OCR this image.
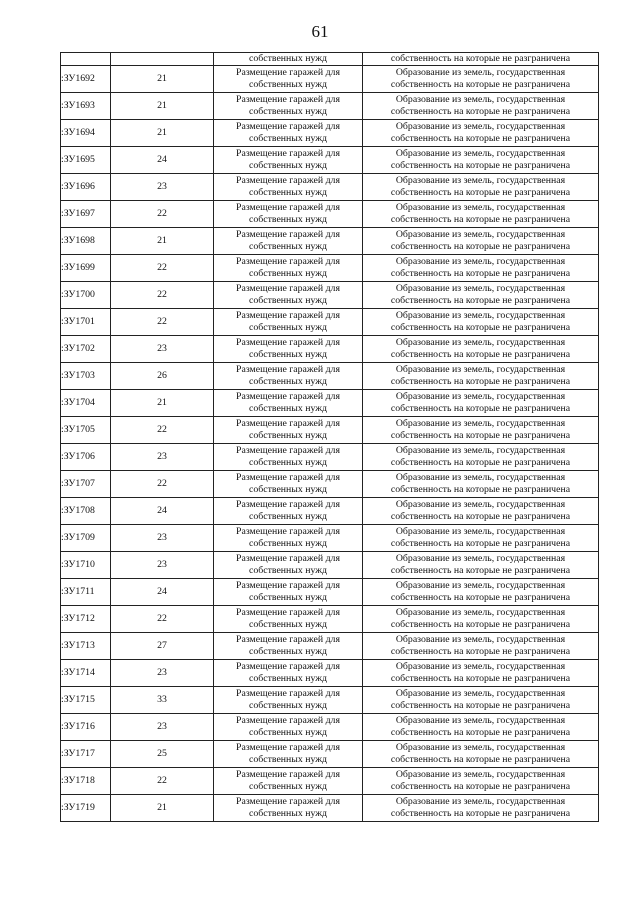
61

		собственных нужд	собственность на которые не разграничена

:ЗУ1692	21	Размещение гаражей для
собственных нужд	Образование из земель, государственная
собственность на которые не разграничена

:ЗУ1693	21	Размещение гаражей для
собственных нужд	Образование из земель, государственная
собственность на которые не разграничена

:ЗУ1694	21	Размещение гаражей для
собственных нужд	Образование из земель, государственная
собственность на которые не разграничена

:ЗУ1695	24	Размещение гаражей для
собственных нужд	Образование из земель, государственная
собственность на которые не разграничена

:ЗУ1696	23	Размещение гаражей для
собственных нужд	Образование из земель, государственная
собственность на которые не разграничена

:ЗУ1697	22	Размещение гаражей для
собственных нужд	Образование из земель, государственная
собственность на которые не разграничена

:ЗУ1698	21	Размещение гаражей для
собственных нужд	Образование из земель, государственная
собственность на которые не разграничена

:ЗУ1699	22	Размещение гаражей для
собственных нужд	Образование из земель, государственная
собственность на которые не разграничена

:ЗУ1700	22	Размещение гаражей для
собственных нужд	Образование из земель, государственная
собственность на которые не разграничена

:ЗУ1701	22	Размещение гаражей для
собственных нужд	Образование из земель, государственная
собственность на которые не разграничена

:ЗУ1702	23	Размещение гаражей для
собственных нужд	Образование из земель, государственная
собственность на которые не разграничена

:ЗУ1703	26	Размещение гаражей для
собственных нужд	Образование из земель, государственная
собственность на которые не разграничена

:ЗУ1704	21	Размещение гаражей для
собственных нужд	Образование из земель, государственная
собственность на которые не разграничена

:ЗУ1705	22	Размещение гаражей для
собственных нужд	Образование из земель, государственная
собственность на которые не разграничена

:ЗУ1706	23	Размещение гаражей для
собственных нужд	Образование из земель, государственная
собственность на которые не разграничена

:ЗУ1707	22	Размещение гаражей для
собственных нужд	Образование из земель, государственная
собственность на которые не разграничена

:ЗУ1708	24	Размещение гаражей для
собственных нужд	Образование из земель, государственная
собственность на которые не разграничена

:ЗУ1709	23	Размещение гаражей для
собственных нужд	Образование из земель, государственная
собственность на которые не разграничена

:ЗУ1710	23	Размещение гаражей для
собственных нужд	Образование из земель, государственная
собственность на которые не разграничена

:ЗУ1711	24	Размещение гаражей для
собственных нужд	Образование из земель, государственная
собственность на которые не разграничена

:ЗУ1712	22	Размещение гаражей для
собственных нужд	Образование из земель, государственная
собственность на которые не разграничена

:ЗУ1713	27	Размещение гаражей для
собственных нужд	Образование из земель, государственная
собственность на которые не разграничена

:ЗУ1714	23	Размещение гаражей для
собственных нужд	Образование из земель, государственная
собственность на которые не разграничена

:ЗУ1715	33	Размещение гаражей для
собственных нужд	Образование из земель, государственная
собственность на которые не разграничена

:ЗУ1716	23	Размещение гаражей для
собственных нужд	Образование из земель, государственная
собственность на которые не разграничена

:ЗУ1717	25	Размещение гаражей для
собственных нужд	Образование из земель, государственная
собственность на которые не разграничена

:ЗУ1718	22	Размещение гаражей для
собственных нужд	Образование из земель, государственная
собственность на которые не разграничена

:ЗУ1719	21	Размещение гаражей для
собственных нужд	Образование из земель, государственная
собственность на которые не разграничена
